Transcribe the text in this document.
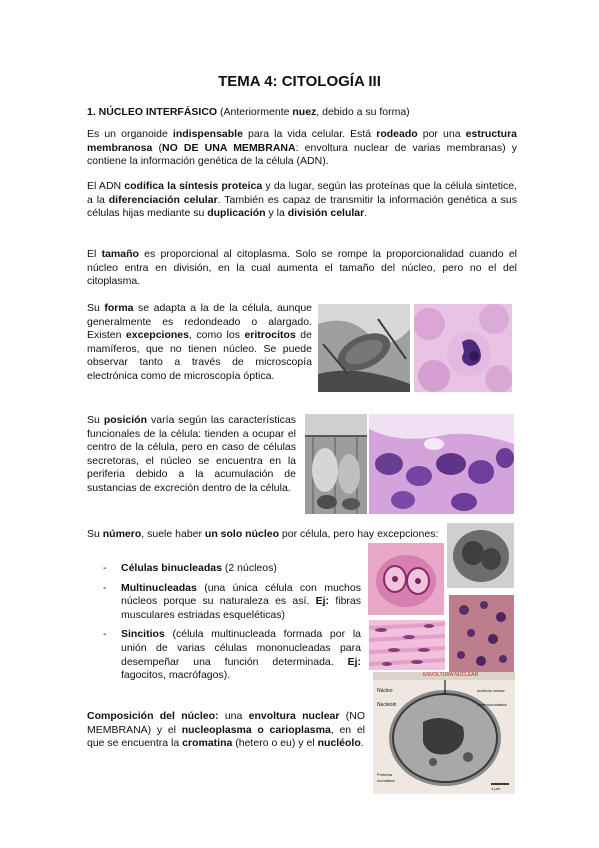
TEMA 4: CITOLOGÍA III
1. NÚCLEO INTERFÁSICO (Anteriormente nuez, debido a su forma)
Es un organoide indispensable para la vida celular. Está rodeado por una estructura membranosa (NO DE UNA MEMBRANA: envoltura nuclear de varias membranas) y contiene la información genética de la célula (ADN).
El ADN codifica la síntesis proteica y da lugar, según las proteínas que la célula sintetice, a la diferenciación celular. También es capaz de transmitir la información genética a sus células hijas mediante su duplicación y la división celular.
El tamaño es proporcional al citoplasma. Solo se rompe la proporcionalidad cuando el núcleo entra en división, en la cual aumenta el tamaño del núcleo, pero no el del citoplasma.
Su forma se adapta a la de la célula, aunque generalmente es redondeado o alargado. Existen excepciones, como los eritrocitos de mamíferos, que no tienen núcleo. Se puede observar tanto a través de microscopía electrónica como de microscopía óptica.
Su posición varía según las características funcionales de la célula: tienden a ocupar el centro de la célula, pero en caso de células secretoras, el núcleo se encuentra en la periferia debido a la acumulación de sustancias de excreción dentro de la célula.
Su número, suele haber un solo núcleo por célula, pero hay excepciones:
- Células binucleadas (2 núcleos)
- Multinucleadas (una única célula con muchos núcleos porque su naturaleza es así. Ej: fibras musculares estriadas esqueléticas)
- Sincitios (célula multinucleada formada por la unión de varias células mononucleadas para desempeñar una función determinada. Ej: fagocitos, macrófagos).	ENVOLTURA NUCLEAR
Núcleo	nucleolo celular
Nucleolo	Heterocromatina
Proteína
cromatina
1 µm
Composición del núcleo: una envoltura nuclear (NO MEMBRANA) y el nucleoplasma o carioplasma, en el que se encuentra la cromatina (hetero o eu) y el nucléolo.
